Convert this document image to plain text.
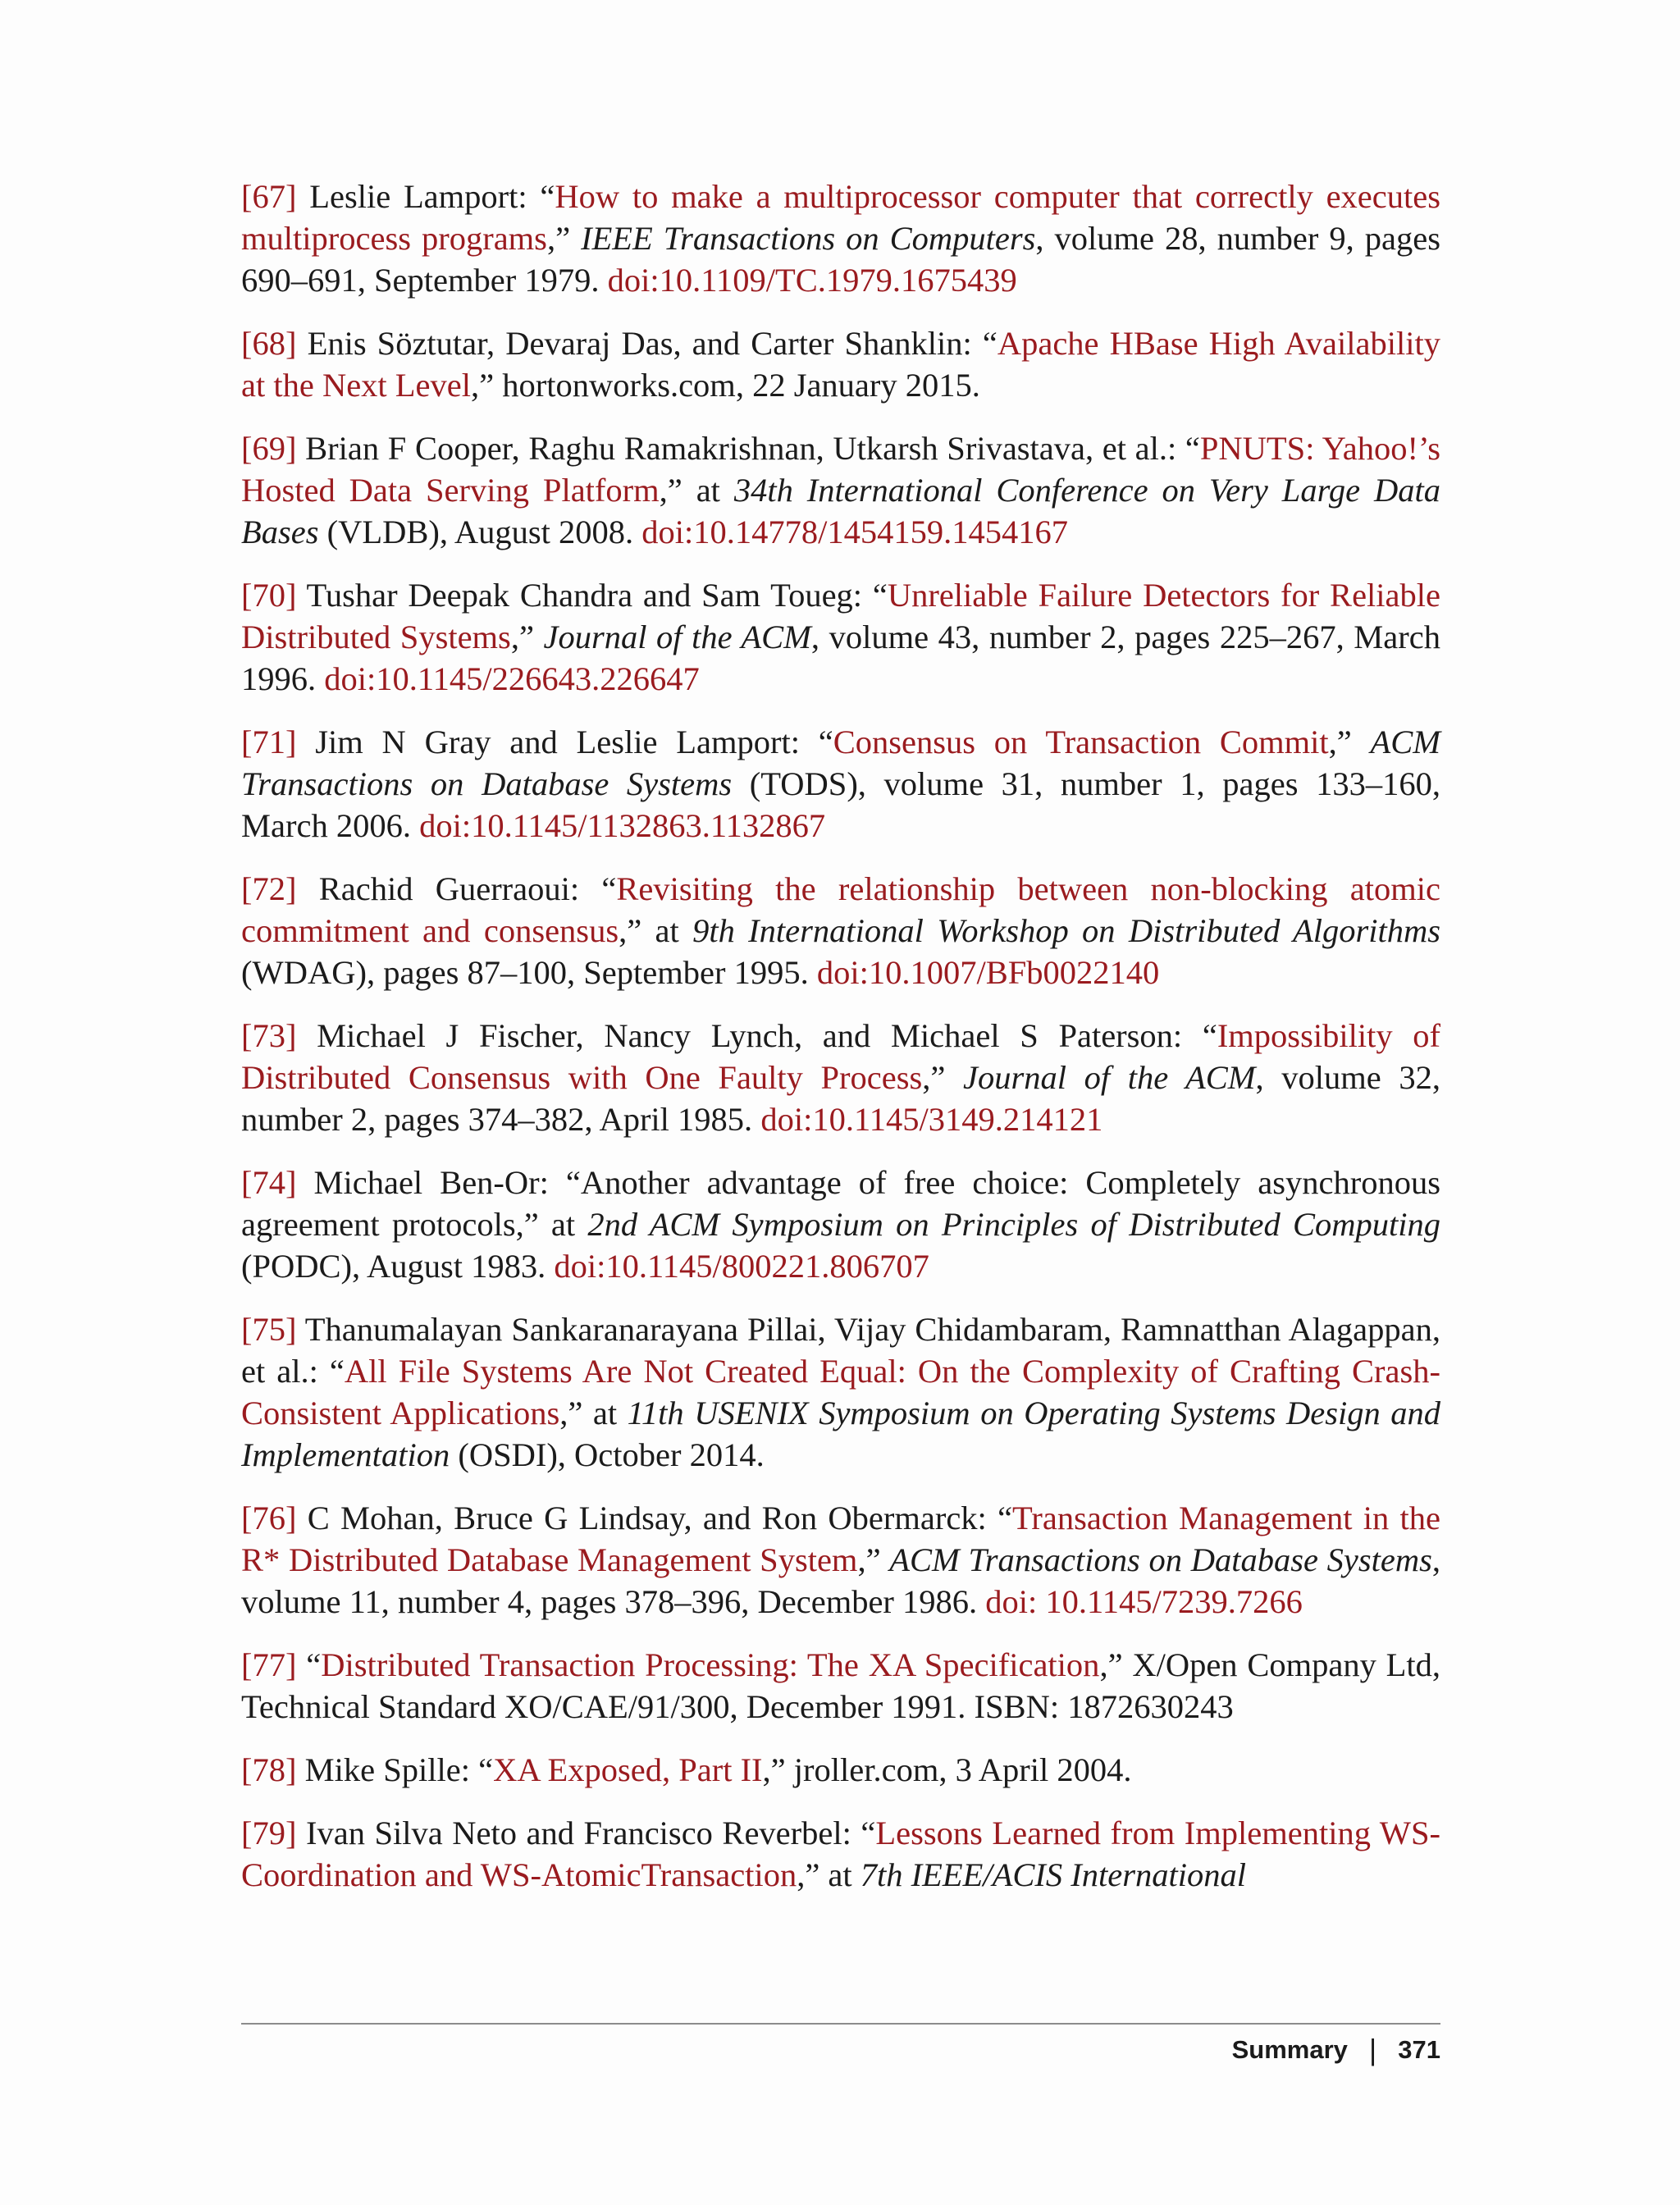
[67] Leslie Lamport: “How to make a multiprocessor computer that correctly executes multiprocess programs,” IEEE Transactions on Computers, volume 28, number 9, pages 690–691, September 1979. doi:10.1109/TC.1979.1675439

[68] Enis Söztutar, Devaraj Das, and Carter Shanklin: “Apache HBase High Availability at the Next Level,” hortonworks.com, 22 January 2015.

[69] Brian F Cooper, Raghu Ramakrishnan, Utkarsh Srivastava, et al.: “PNUTS: Yahoo!’s Hosted Data Serving Platform,” at 34th International Conference on Very Large Data Bases (VLDB), August 2008. doi:10.14778/1454159.1454167

[70] Tushar Deepak Chandra and Sam Toueg: “Unreliable Failure Detectors for Reliable Distributed Systems,” Journal of the ACM, volume 43, number 2, pages 225–267, March 1996. doi:10.1145/226643.226647

[71] Jim N Gray and Leslie Lamport: “Consensus on Transaction Commit,” ACM Transactions on Database Systems (TODS), volume 31, number 1, pages 133–160, March 2006. doi:10.1145/1132863.1132867

[72] Rachid Guerraoui: “Revisiting the relationship between non-blocking atomic commitment and consensus,” at 9th International Workshop on Distributed Algorithms (WDAG), pages 87–100, September 1995. doi:10.1007/BFb0022140

[73] Michael J Fischer, Nancy Lynch, and Michael S Paterson: “Impossibility of Distributed Consensus with One Faulty Process,” Journal of the ACM, volume 32, number 2, pages 374–382, April 1985. doi:10.1145/3149.214121

[74] Michael Ben-Or: “Another advantage of free choice: Completely asynchronous agreement protocols,” at 2nd ACM Symposium on Principles of Distributed Computing (PODC), August 1983. doi:10.1145/800221.806707

[75] Thanumalayan Sankaranarayana Pillai, Vijay Chidambaram, Ramnatthan Alagappan, et al.: “All File Systems Are Not Created Equal: On the Complexity of Crafting Crash-Consistent Applications,” at 11th USENIX Symposium on Operating Systems Design and Implementation (OSDI), October 2014.

[76] C Mohan, Bruce G Lindsay, and Ron Obermarck: “Transaction Management in the R* Distributed Database Management System,” ACM Transactions on Database Systems, volume 11, number 4, pages 378–396, December 1986. doi: 10.1145/7239.7266

[77] “Distributed Transaction Processing: The XA Specification,” X/Open Company Ltd, Technical Standard XO/CAE/91/300, December 1991. ISBN: 1872630243

[78] Mike Spille: “XA Exposed, Part II,” jroller.com, 3 April 2004.

[79] Ivan Silva Neto and Francisco Reverbel: “Lessons Learned from Implementing WS-Coordination and WS-AtomicTransaction,” at 7th IEEE/ACIS International

Summary | 371
